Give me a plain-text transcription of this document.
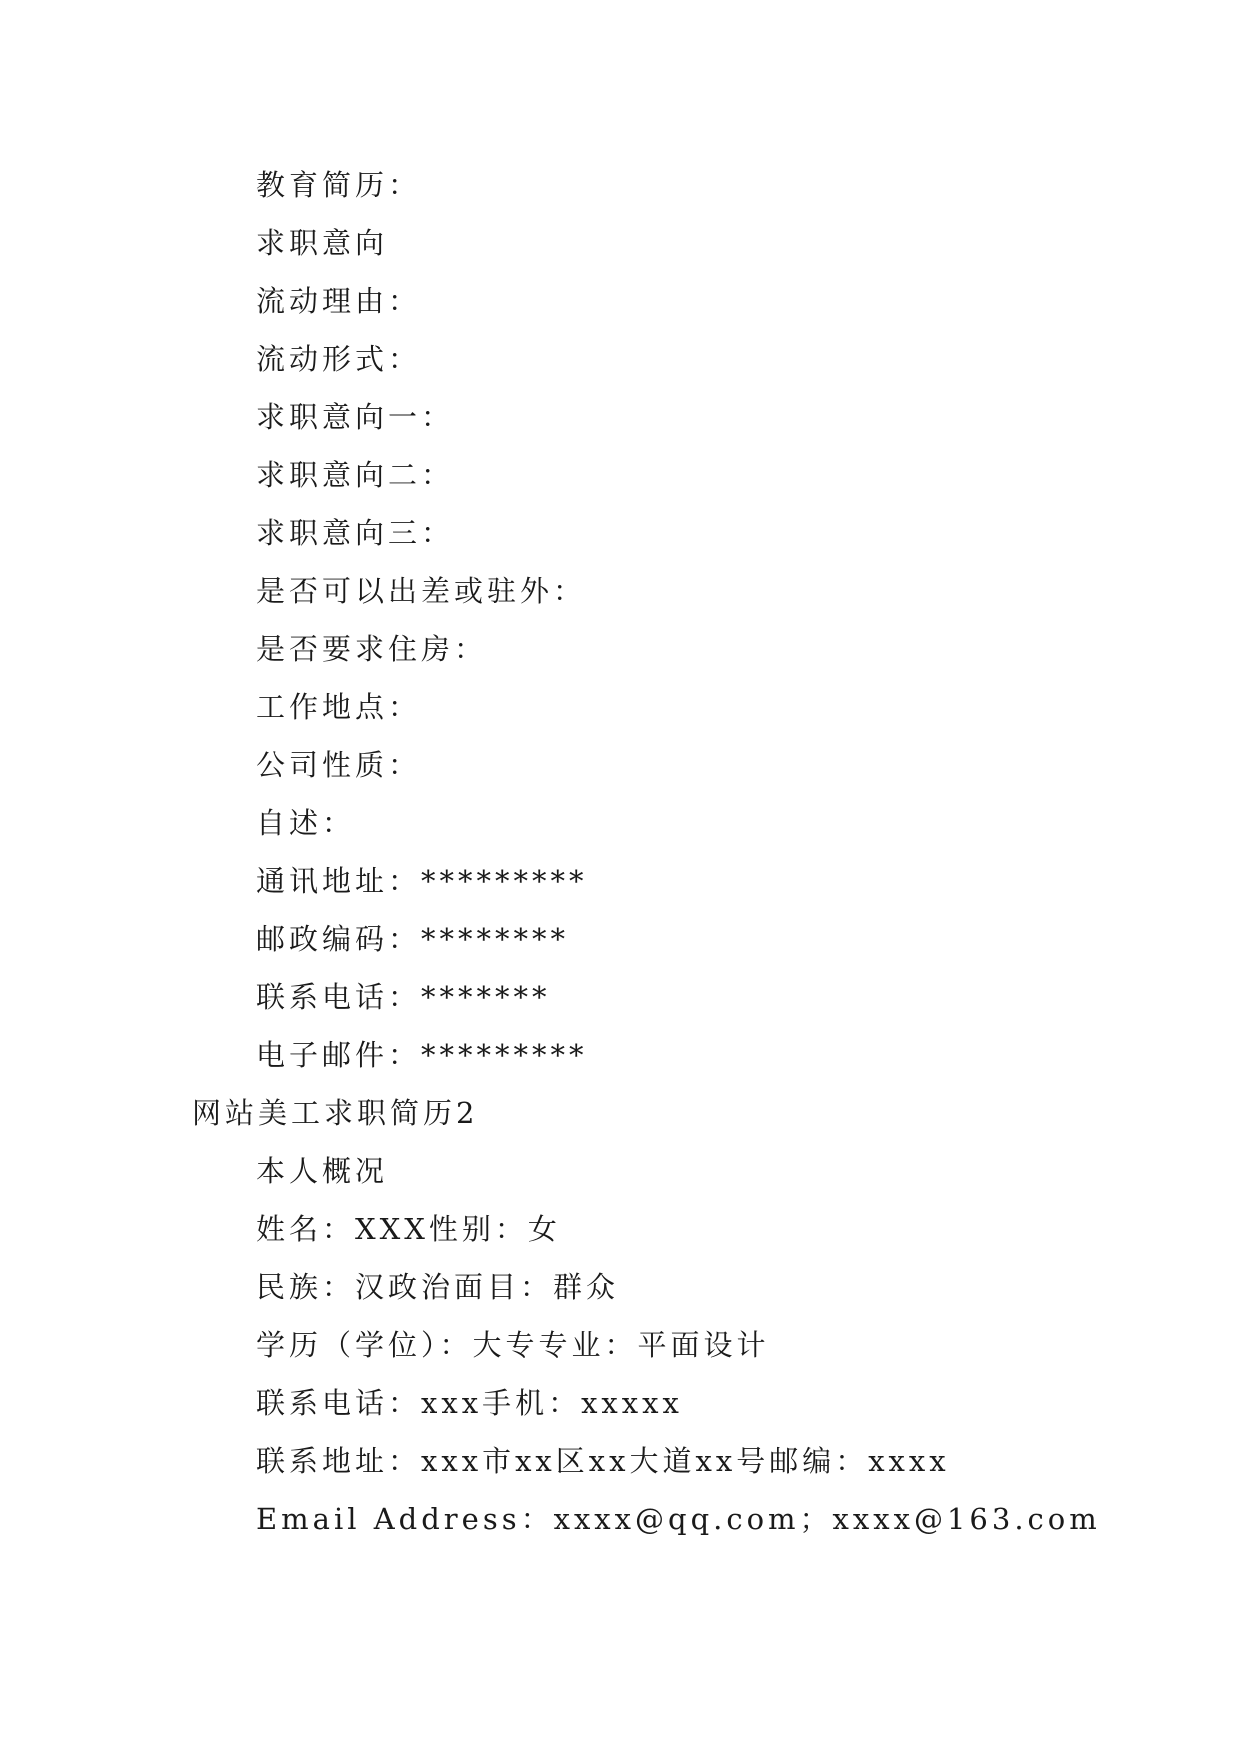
教育简历：
求职意向
流动理由：
流动形式：
求职意向一：
求职意向二：
求职意向三：
是否可以出差或驻外：
是否要求住房：
工作地点：
公司性质：
自述：
通讯地址：*********
邮政编码：********
联系电话：*******
电子邮件：*********
网站美工求职简历2
本人概况
姓名：XXX性别：女
民族：汉政治面目：群众
学历（学位）：大专专业：平面设计
联系电话：xxx手机：xxxxx
联系地址：xxx市xx区xx大道xx号邮编：xxxx
Email Address：xxxx@qq.com；xxxx@163.com
